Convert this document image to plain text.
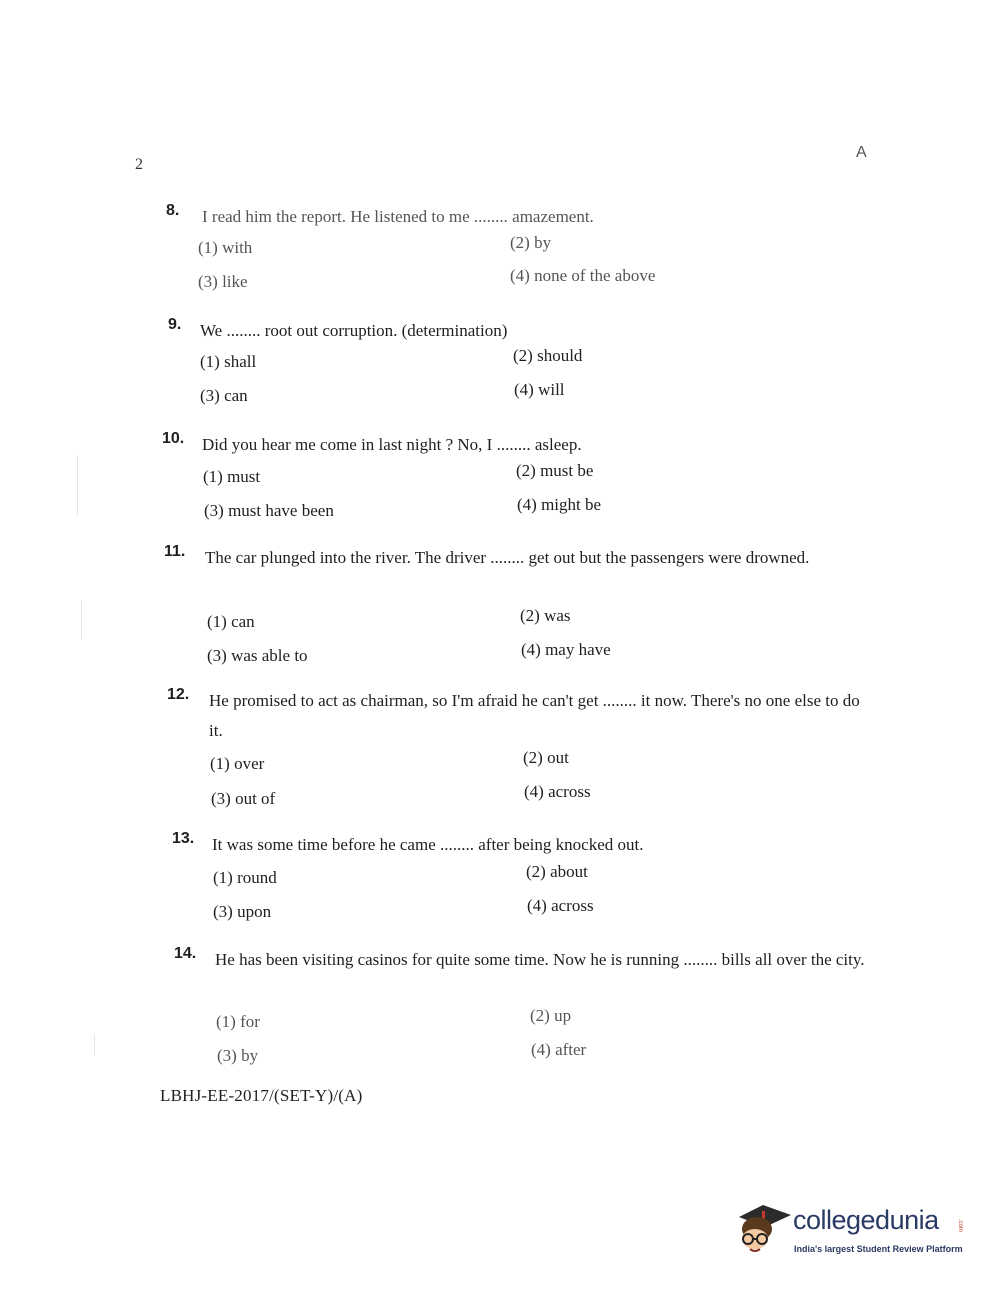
2
A
8. I read him the report. He listened to me ........ amazement.
(1) with	(2) by
(3) like	(4) none of the above
9. We ........ root out corruption. (determination)
(1) shall	(2) should
(3) can	(4) will
10. Did you hear me come in last night ? No, I ........ asleep.
(1) must	(2) must be
(3) must have been	(4) might be
11. The car plunged into the river. The driver ........ get out but the passengers were drowned.
(1) can	(2) was
(3) was able to	(4) may have
12. He promised to act as chairman, so I'm afraid he can't get ........ it now. There's no one else to do it.
(1) over	(2) out
(3) out of	(4) across
13. It was some time before he came ........ after being knocked out.
(1) round	(2) about
(3) upon	(4) across
14. He has been visiting casinos for quite some time. Now he is running ........ bills all over the city.
(1) for	(2) up
(3) by	(4) after
LBHJ-EE-2017/(SET-Y)/(A)
collegedunia	.com
India's largest Student Review Platform
